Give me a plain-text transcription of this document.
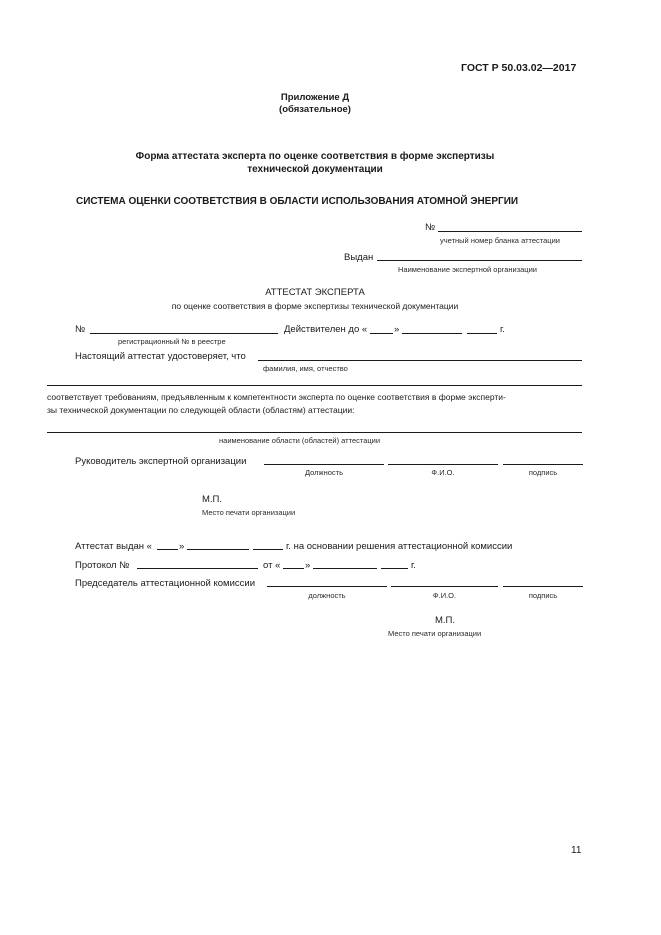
ГОСТ Р 50.03.02—2017
Приложение Д
(обязательное)
Форма аттестата эксперта по оценке соответствия в форме экспертизы
технической документации
СИСТЕМА ОЦЕНКИ СООТВЕТСТВИЯ В ОБЛАСТИ ИСПОЛЬЗОВАНИЯ АТОМНОЙ ЭНЕРГИИ
№
учетный номер бланка аттестации
Выдан
Наименование экспертной организации
АТТЕСТАТ ЭКСПЕРТА
по оценке соответствия в форме экспертизы технической документации
№	Действителен до «	»	г.
регистрационный № в реестре
Настоящий аттестат удостоверяет, что
фамилия, имя, отчество
соответствует требованиям, предъявленным к компетентности эксперта по оценке соответствия в форме эксперти-
зы технической документации по следующей области (областям) аттестации:
наименование области (областей) аттестации
Руководитель экспертной организации
Должность	Ф.И.О.	подпись
М.П.
Место печати организации
Аттестат выдан «	»	г. на основании решения аттестационной комиссии
Протокол №	от «	»	г.
Председатель аттестационной комиссии
должность	Ф.И.О.	подпись
М.П.
Место печати организации
11
